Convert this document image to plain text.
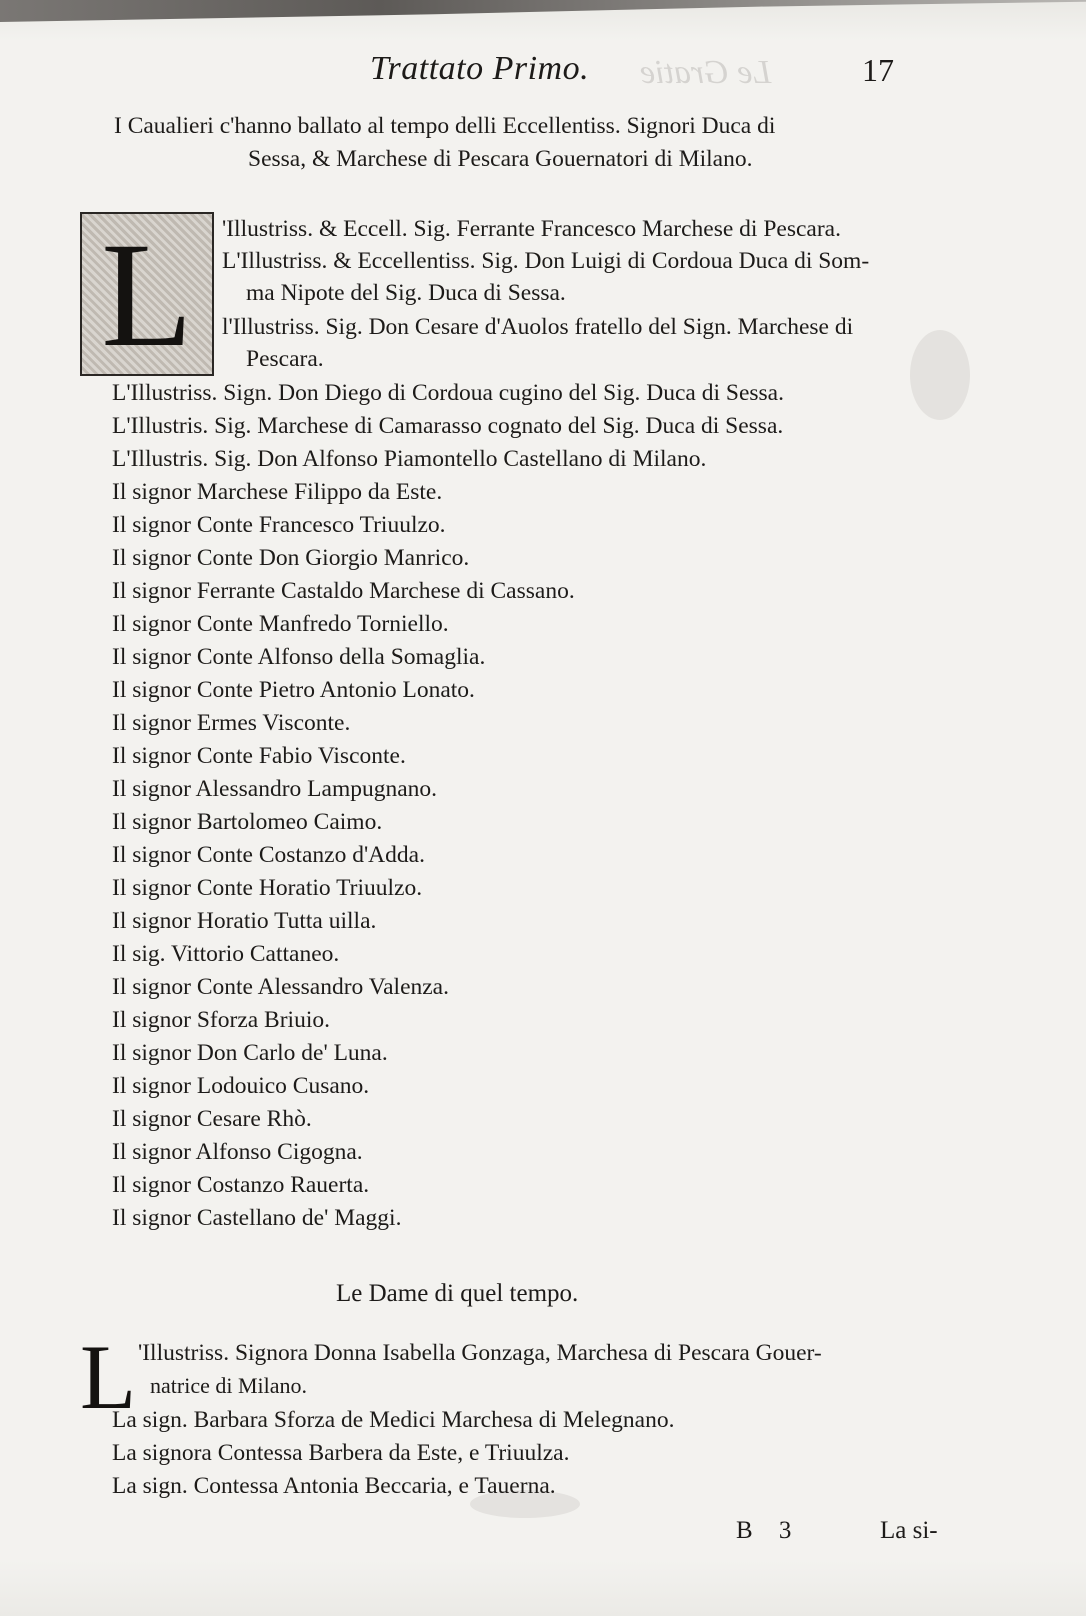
Le Gratie
Trattato Primo.	17
I Caualieri c'hanno ballato al tempo delli Eccellentiss. Signori Duca di
Sessa, & Marchese di Pescara Gouernatori di Milano.
L	'Illustriss. & Eccell. Sig. Ferrante Francesco Marchese di Pescara.
L'Illustriss. & Eccellentiss. Sig. Don Luigi di Cordoua Duca di Som-
ma Nipote del Sig. Duca di Sessa.
l'Illustriss. Sig. Don Cesare d'Auolos fratello del Sign. Marchese di
Pescara.
L'Illustriss. Sign. Don Diego di Cordoua cugino del Sig. Duca di Sessa.
L'Illustris. Sig. Marchese di Camarasso cognato del Sig. Duca di Sessa.
L'Illustris. Sig. Don Alfonso Piamontello Castellano di Milano.
Il signor Marchese Filippo da Este.
Il signor Conte Francesco Triuulzo.
Il signor Conte Don Giorgio Manrico.
Il signor Ferrante Castaldo Marchese di Cassano.
Il signor Conte Manfredo Torniello.
Il signor Conte Alfonso della Somaglia.
Il signor Conte Pietro Antonio Lonato.
Il signor Ermes Visconte.
Il signor Conte Fabio Visconte.
Il signor Alessandro Lampugnano.
Il signor Bartolomeo Caimo.
Il signor Conte Costanzo d'Adda.
Il signor Conte Horatio Triuulzo.
Il signor Horatio Tutta uilla.
Il sig. Vittorio Cattaneo.
Il signor Conte Alessandro Valenza.
Il signor Sforza Briuio.
Il signor Don Carlo de' Luna.
Il signor Lodouico Cusano.
Il signor Cesare Rhò.
Il signor Alfonso Cigogna.
Il signor Costanzo Rauerta.
Il signor Castellano de' Maggi.
Le Dame di quel tempo.
L 'Illustriss. Signora Donna Isabella Gonzaga, Marchesa di Pescara Gouer-
natrice di Milano.
La sign. Barbara Sforza de Medici Marchesa di Melegnano.
La signora Contessa Barbera da Este, e Triuulza.
La sign. Contessa Antonia Beccaria, e Tauerna.
B 3	La si-
